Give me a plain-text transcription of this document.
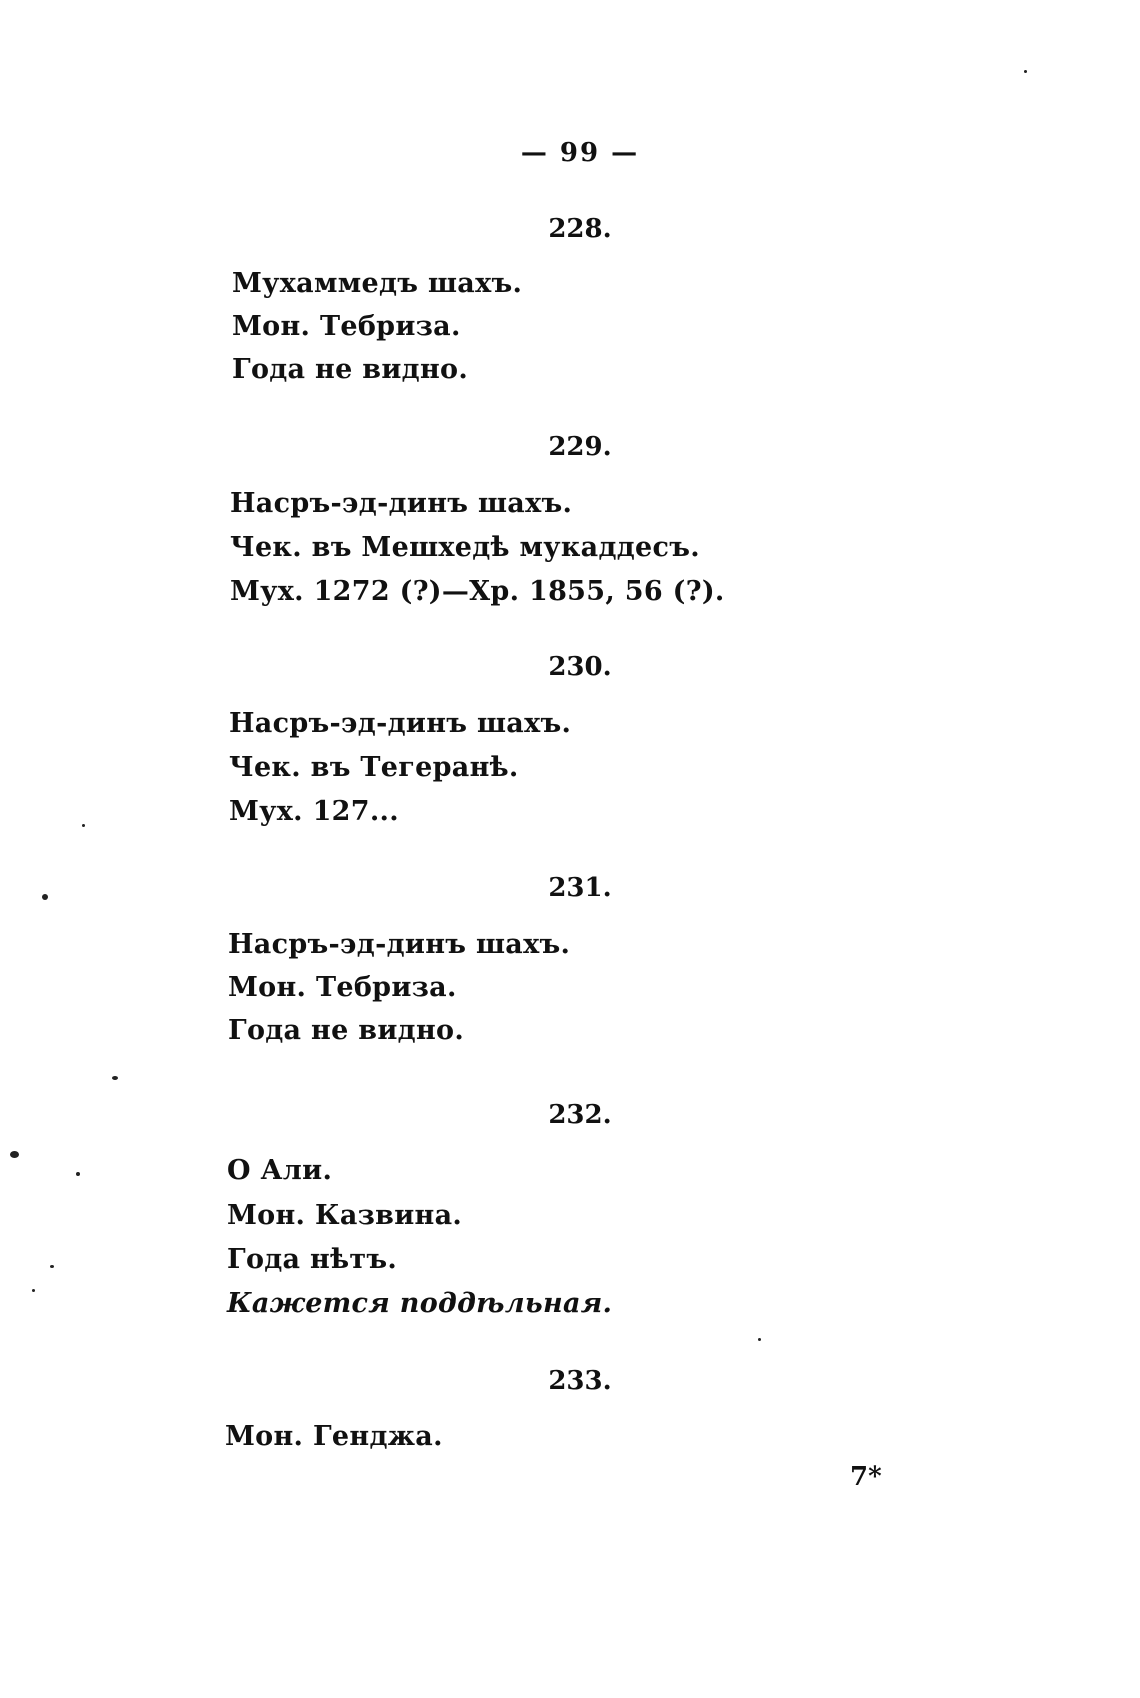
— 99 —
228.
Мухаммедъ шахъ.
Мон. Тебриза.
Года не видно.
229.
Насръ-эд-динъ шахъ.
Чек. въ Мешхедѣ мукаддесъ.
Мух. 1272 (?)—Хр. 1855, 56 (?).
230.
Насръ-эд-динъ шахъ.
Чек. въ Тегеранѣ.
Мух. 127...
231.
Насръ-эд-динъ шахъ.
Мон. Тебриза.
Года не видно.
232.
О Али.
Мон. Казвина.
Года нѣтъ.
Кажется поддѣльная.
233.
Мон. Генджа.
7*
